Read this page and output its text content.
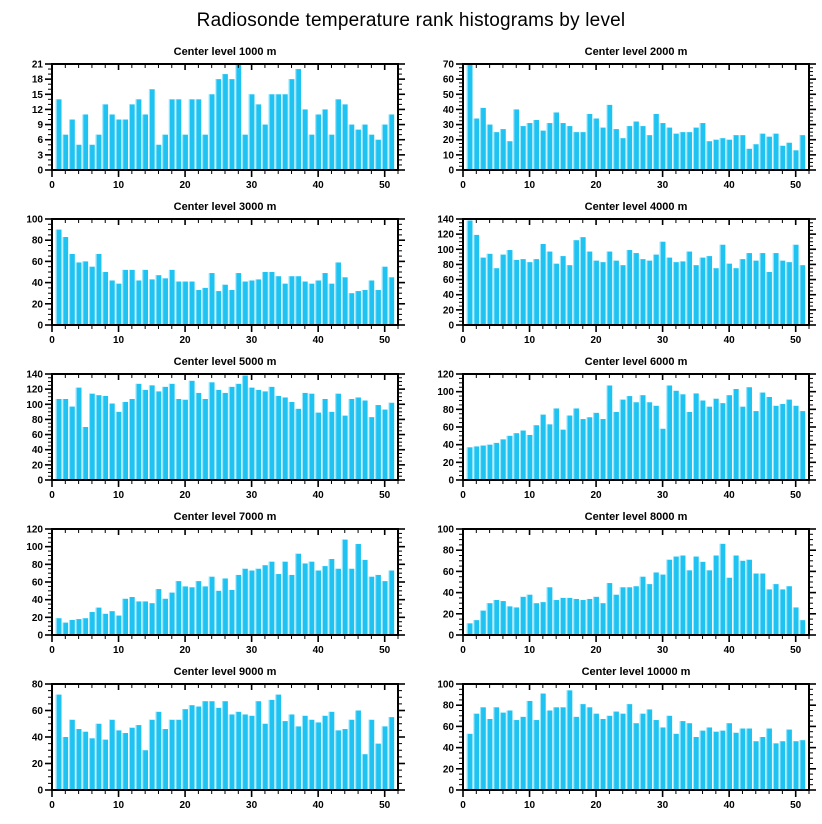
Radiosonde temperature rank histograms by level
Center level 1000 m
0
3
6
9
12
15
18
21
0	10	20	30	40	50
Center level 2000 m
0
10
20
30
40
50
60
70
0	10	20	30	40	50
Center level 3000 m
0
20
40
60
80
100
0	10	20	30	40	50
Center level 4000 m
0
20
40
60
80
100
120
140
0	10	20	30	40	50
Center level 5000 m
0
20
40
60
80
100
120
140
0	10	20	30	40	50
Center level 6000 m
0
20
40
60
80
100
120
0	10	20	30	40	50
Center level 7000 m
0
20
40
60
80
100
120
0	10	20	30	40	50
Center level 8000 m
0
20
40
60
80
100
0	10	20	30	40	50
Center level 9000 m
0
20
40
60
80
0	10	20	30	40	50
Center level 10000 m
0
20
40
60
80
100
0	10	20	30	40	50
